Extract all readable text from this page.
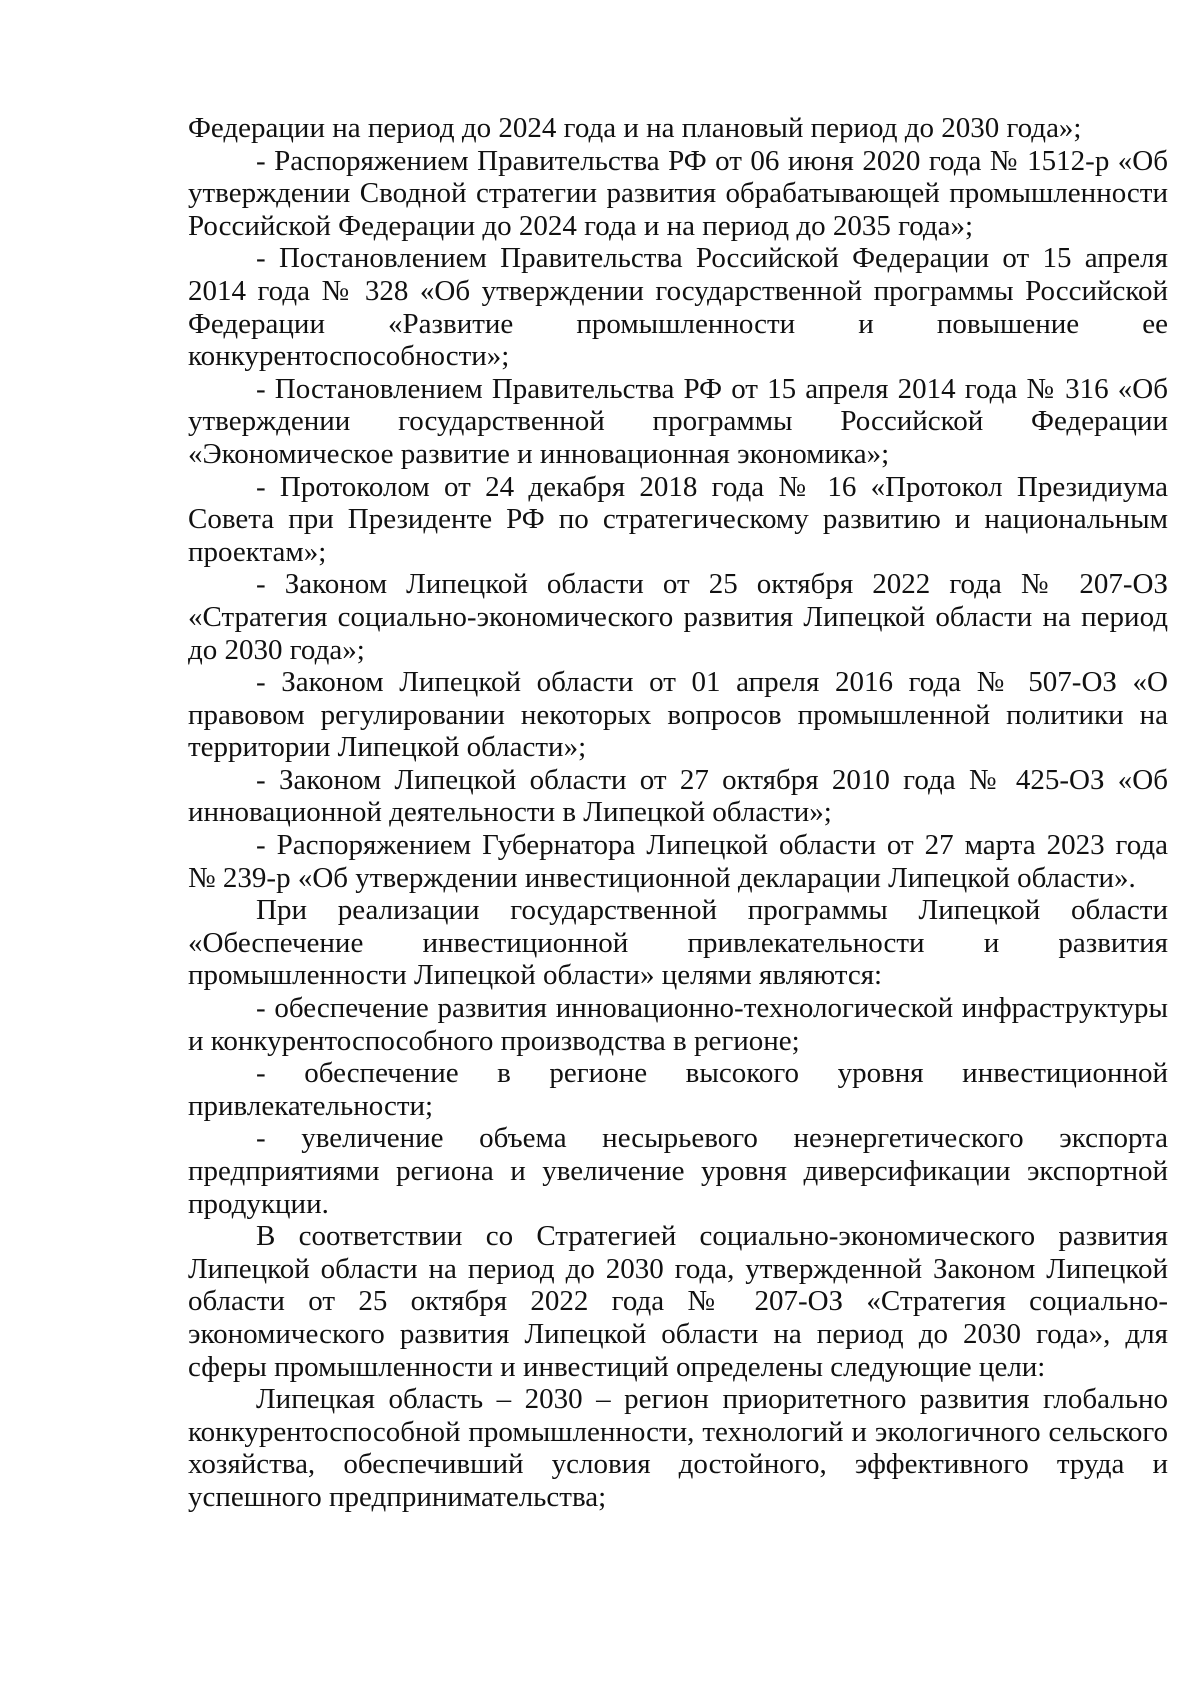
Федерации на период до 2024 года и на плановый период до 2030 года»;

- Распоряжением Правительства РФ от 06 июня 2020 года № 1512-р «Об утверждении Сводной стратегии развития обрабатывающей промышленности Российской Федерации до 2024 года и на период до 2035 года»;

- Постановлением Правительства Российской Федерации от 15 апреля 2014 года № 328 «Об утверждении государственной программы Российской Федерации «Развитие промышленности и повышение ее конкурентоспособности»;

- Постановлением Правительства РФ от 15 апреля 2014 года № 316 «Об утверждении государственной программы Российской Федерации «Экономическое развитие и инновационная экономика»;

- Протоколом от 24 декабря 2018 года № 16 «Протокол Президиума Совета при Президенте РФ по стратегическому развитию и национальным проектам»;

- Законом Липецкой области от 25 октября 2022 года № 207-ОЗ «Стратегия социально-экономического развития Липецкой области на период до 2030 года»;

- Законом Липецкой области от 01 апреля 2016 года № 507-ОЗ «О правовом регулировании некоторых вопросов промышленной политики на территории Липецкой области»;

- Законом Липецкой области от 27 октября 2010 года № 425-ОЗ «Об инновационной деятельности в Липецкой области»;

- Распоряжением Губернатора Липецкой области от 27 марта 2023 года № 239-р «Об утверждении инвестиционной декларации Липецкой области».

При реализации государственной программы Липецкой области «Обеспечение инвестиционной привлекательности и развития промышленности Липецкой области» целями являются:

- обеспечение развития инновационно-технологической инфраструктуры и конкурентоспособного производства в регионе;

- обеспечение в регионе высокого уровня инвестиционной привлекательности;

- увеличение объема несырьевого неэнергетического экспорта предприятиями региона и увеличение уровня диверсификации экспортной продукции.

В соответствии со Стратегией социально-экономического развития Липецкой области на период до 2030 года, утвержденной Законом Липецкой области от 25 октября 2022 года № 207-ОЗ «Стратегия социально-экономического развития Липецкой области на период до 2030 года», для сферы промышленности и инвестиций определены следующие цели:

Липецкая область – 2030 – регион приоритетного развития глобально конкурентоспособной промышленности, технологий и экологичного сельского хозяйства, обеспечивший условия достойного, эффективного труда и успешного предпринимательства;
